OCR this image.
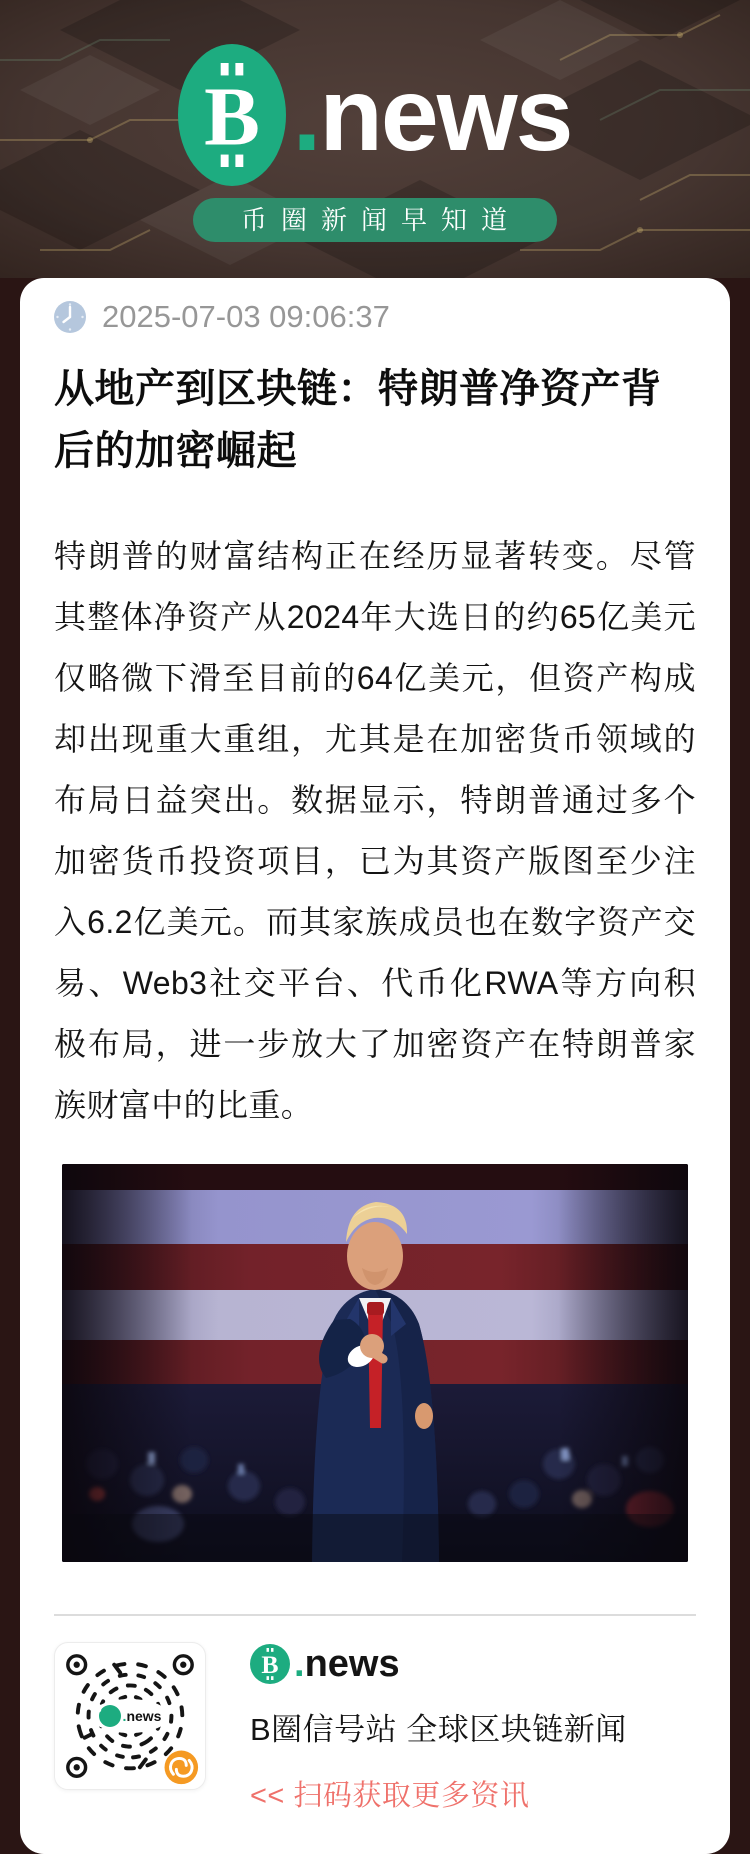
B . news
币圈新闻早知道
2025-07-03 09:06:37
从地产到区块链：特朗普净资产背后的加密崛起

特朗普的财富结构正在经历显著转变。尽管其整体净资产从2024年大选日的约65亿美元仅略微下滑至目前的64亿美元，但资产构成却出现重大重组，尤其是在加密货币领域的布局日益突出。数据显示，特朗普通过多个加密货币投资项目，已为其资产版图至少注入6.2亿美元。而其家族成员也在数字资产交易、Web3社交平台、代币化RWA等方向积极布局，进一步放大了加密资产在特朗普家族财富中的比重。

B
.news
B . news
B圈信号站 全球区块链新闻
<< 扫码获取更多资讯
